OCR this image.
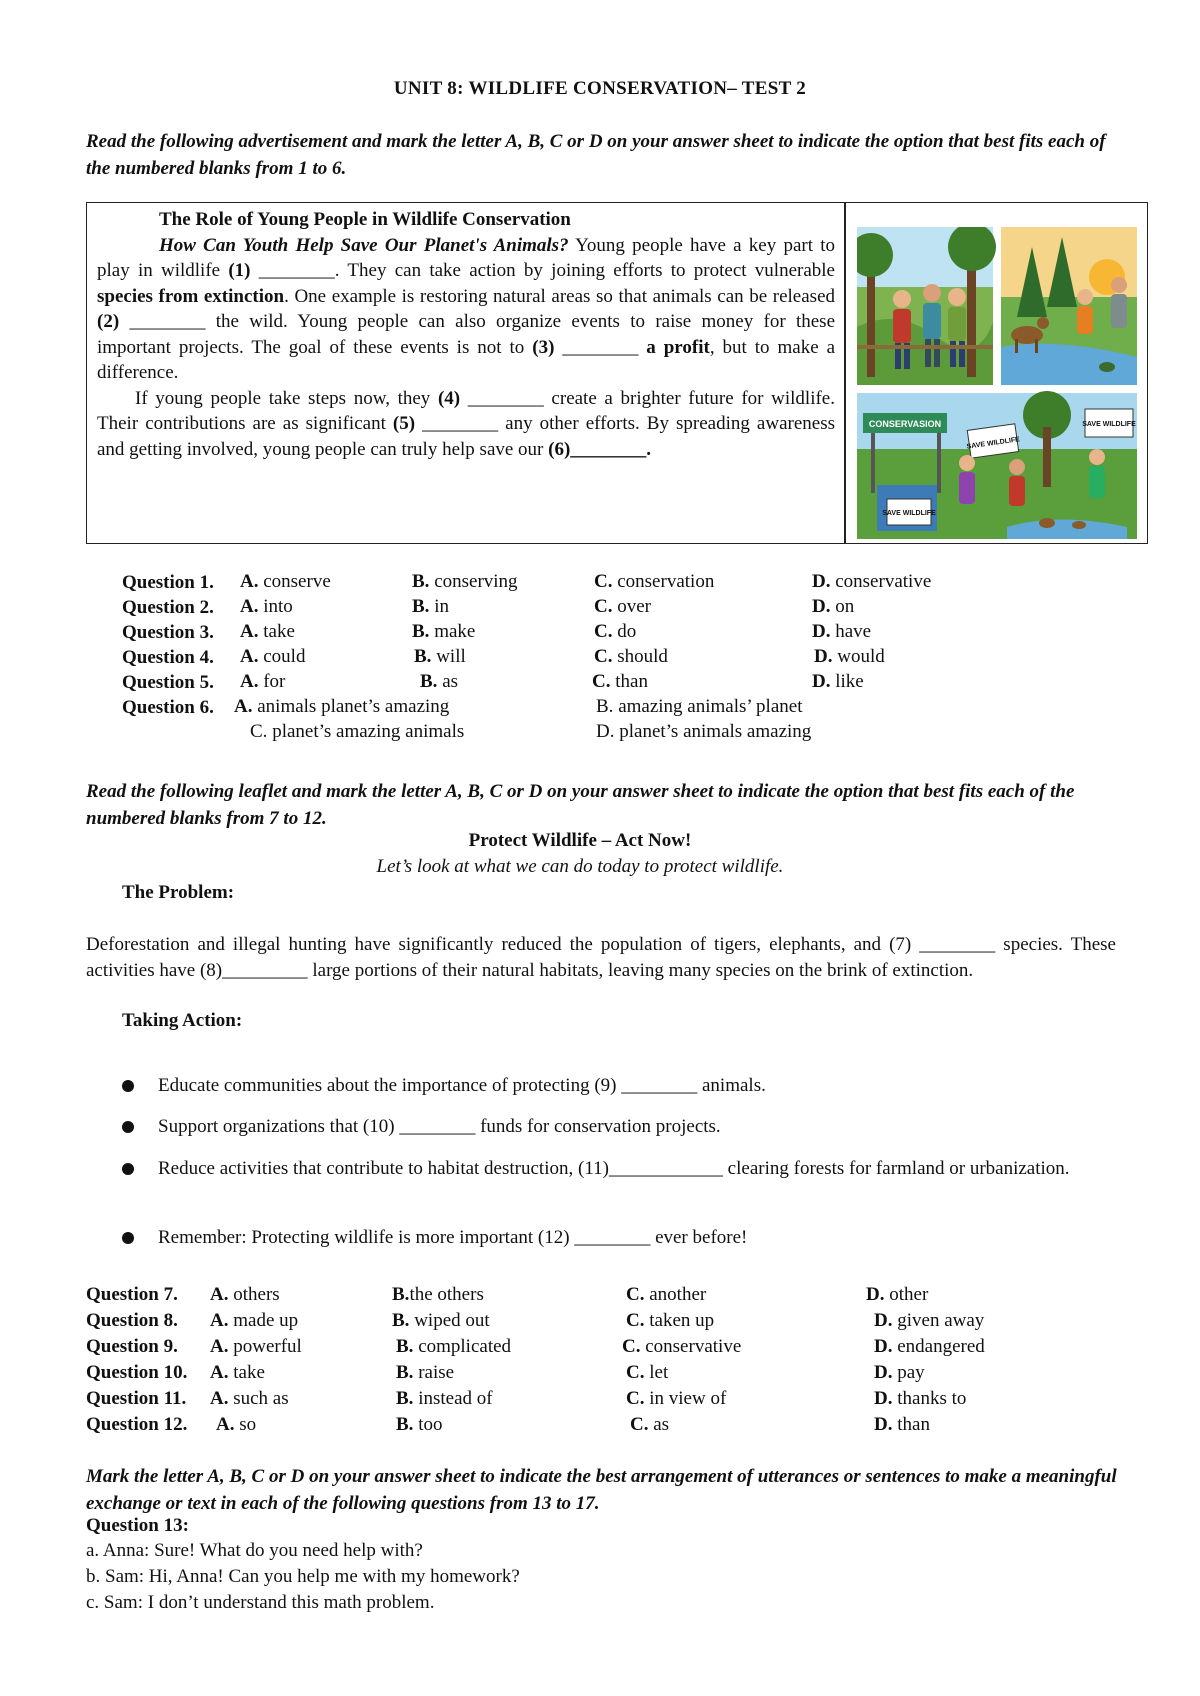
UNIT 8: WILDLIFE CONSERVATION– TEST 2
Read the following advertisement and mark the letter A, B, C or D on your answer sheet to indicate the option that best fits each of the numbered blanks from 1 to 6.

The Role of Young People in Wildlife Conservation

How Can Youth Help Save Our Planet's Animals? Young people have a key part to play in wildlife (1) ________. They can take action by joining efforts to protect vulnerable species from extinction. One example is restoring natural areas so that animals can be released (2) ________ the wild. Young people can also organize events to raise money for these important projects. The goal of these events is not to (3) ________ a profit, but to make a difference.

If young people take steps now, they (4) ________ create a brighter future for wildlife. Their contributions are as significant (5) ________ any other efforts. By spreading awareness and getting involved, young people can truly help save our (6)________.

CONSERVASION
SAVE WILDLIFE
SAVE WILDLIFE
SAVE WILDLIFE
Question 1. A. conserve	B. conserving	C. conservation	D. conservative
Question 2. A. into	B. in	C. over	D. on
Question 3. A. take	B. make	C. do	D. have
Question 4. A. could	B. will	C. should	D. would
Question 5. A. for	B. as	C. than	D. like
Question 6. A. animals planet’s amazing	B. amazing animals’ planet
C. planet’s amazing animals	D. planet’s animals amazing
Read the following leaflet and mark the letter A, B, C or D on your answer sheet to indicate the option that best fits each of the numbered blanks from 7 to 12.
Protect Wildlife – Act Now!
Let’s look at what we can do today to protect wildlife.
The Problem:
Deforestation and illegal hunting have significantly reduced the population of tigers, elephants, and (7) ________ species. These activities have (8)_________ large portions of their natural habitats, leaving many species on the brink of extinction.
Taking Action:
Educate communities about the importance of protecting (9) ________ animals.
Support organizations that (10) ________ funds for conservation projects.
Reduce activities that contribute to habitat destruction, (11)____________ clearing forests for farmland or urbanization.
Remember: Protecting wildlife is more important (12) ________ ever before!
Question 7. A. others	B.the others	C. another	D. other
Question 8. A. made up	B. wiped out	C. taken up	D. given away
Question 9. A. powerful	B. complicated	C. conservative	D. endangered
Question 10. A. take	B. raise	C. let	D. pay
Question 11. A. such as	B. instead of	C. in view of	D. thanks to
Question 12. A. so	B. too	C. as	D. than
Mark the letter A, B, C or D on your answer sheet to indicate the best arrangement of utterances or sentences to make a meaningful exchange or text in each of the following questions from 13 to 17.
Question 13:
a. Anna: Sure! What do you need help with?
b. Sam: Hi, Anna! Can you help me with my homework?
c. Sam: I don’t understand this math problem.
